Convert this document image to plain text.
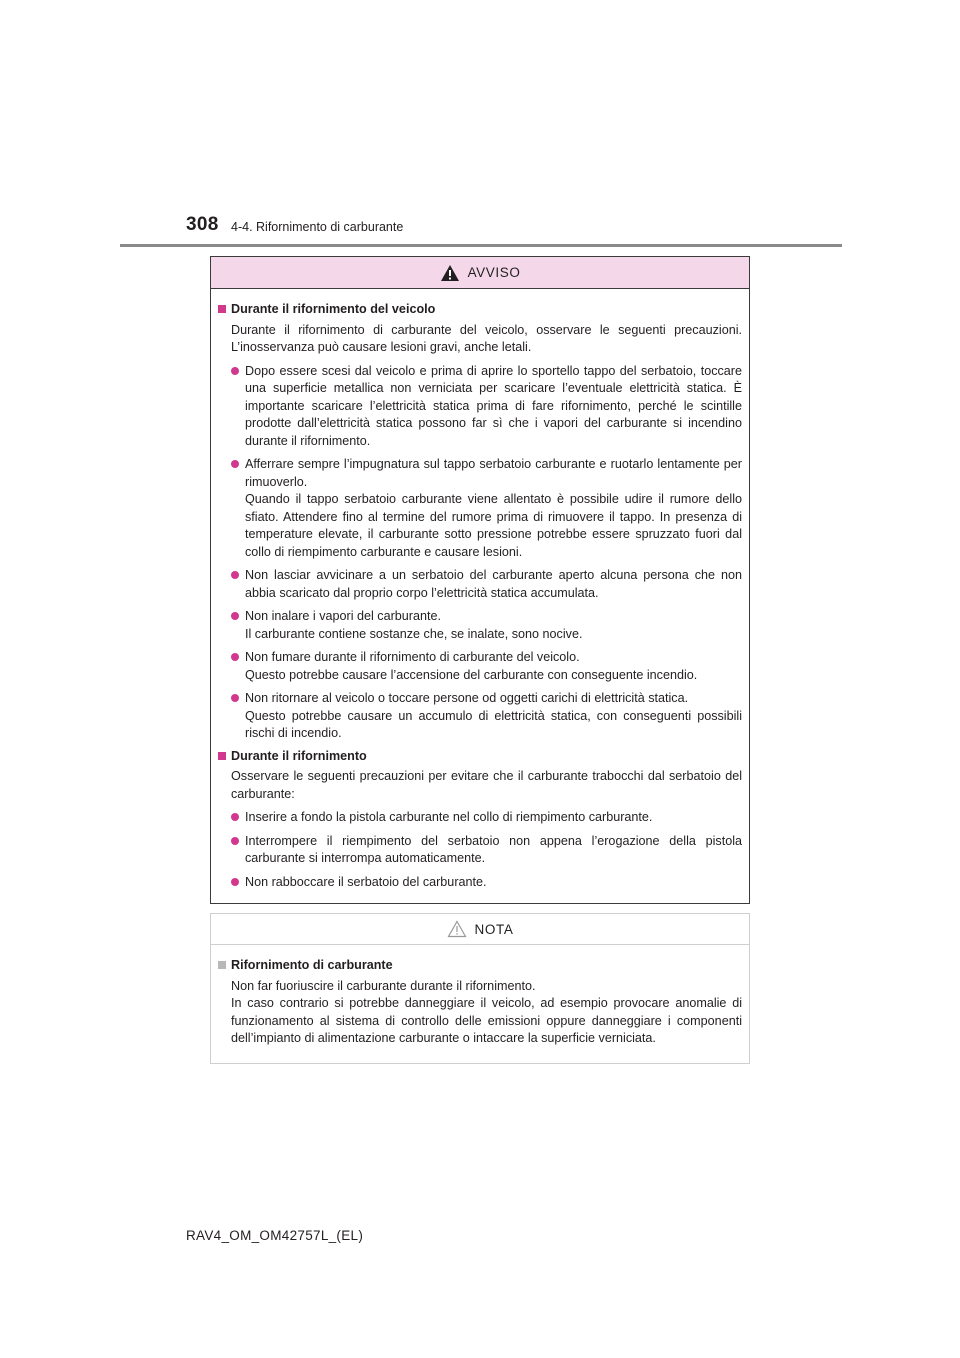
308 4-4. Rifornimento di carburante
AVVISO
Durante il rifornimento del veicolo
Durante il rifornimento di carburante del veicolo, osservare le seguenti precauzioni. L’inosservanza può causare lesioni gravi, anche letali.
Dopo essere scesi dal veicolo e prima di aprire lo sportello tappo del serbatoio, toccare una superficie metallica non verniciata per scaricare l’eventuale elettricità statica. È importante scaricare l’elettricità statica prima di fare rifornimento, perché le scintille prodotte dall’elettricità statica possono far sì che i vapori del carburante si incendino durante il rifornimento.
Afferrare sempre l’impugnatura sul tappo serbatoio carburante e ruotarlo lentamente per rimuoverlo.
Quando il tappo serbatoio carburante viene allentato è possibile udire il rumore dello sfiato. Attendere fino al termine del rumore prima di rimuovere il tappo. In presenza di temperature elevate, il carburante sotto pressione potrebbe essere spruzzato fuori dal collo di riempimento carburante e causare lesioni.
Non lasciar avvicinare a un serbatoio del carburante aperto alcuna persona che non abbia scaricato dal proprio corpo l’elettricità statica accumulata.
Non inalare i vapori del carburante.
Il carburante contiene sostanze che, se inalate, sono nocive.
Non fumare durante il rifornimento di carburante del veicolo.
Questo potrebbe causare l’accensione del carburante con conseguente incendio.
Non ritornare al veicolo o toccare persone od oggetti carichi di elettricità statica.
Questo potrebbe causare un accumulo di elettricità statica, con conseguenti possibili rischi di incendio.
Durante il rifornimento
Osservare le seguenti precauzioni per evitare che il carburante trabocchi dal serbatoio del carburante:
Inserire a fondo la pistola carburante nel collo di riempimento carburante.
Interrompere il riempimento del serbatoio non appena l’erogazione della pistola carburante si interrompa automaticamente.
Non rabboccare il serbatoio del carburante.
NOTA
Rifornimento di carburante
Non far fuoriuscire il carburante durante il rifornimento.
In caso contrario si potrebbe danneggiare il veicolo, ad esempio provocare anomalie di funzionamento al sistema di controllo delle emissioni oppure danneggiare i componenti dell’impianto di alimentazione carburante o intaccare la superficie verniciata.
RAV4_OM_OM42757L_(EL)
